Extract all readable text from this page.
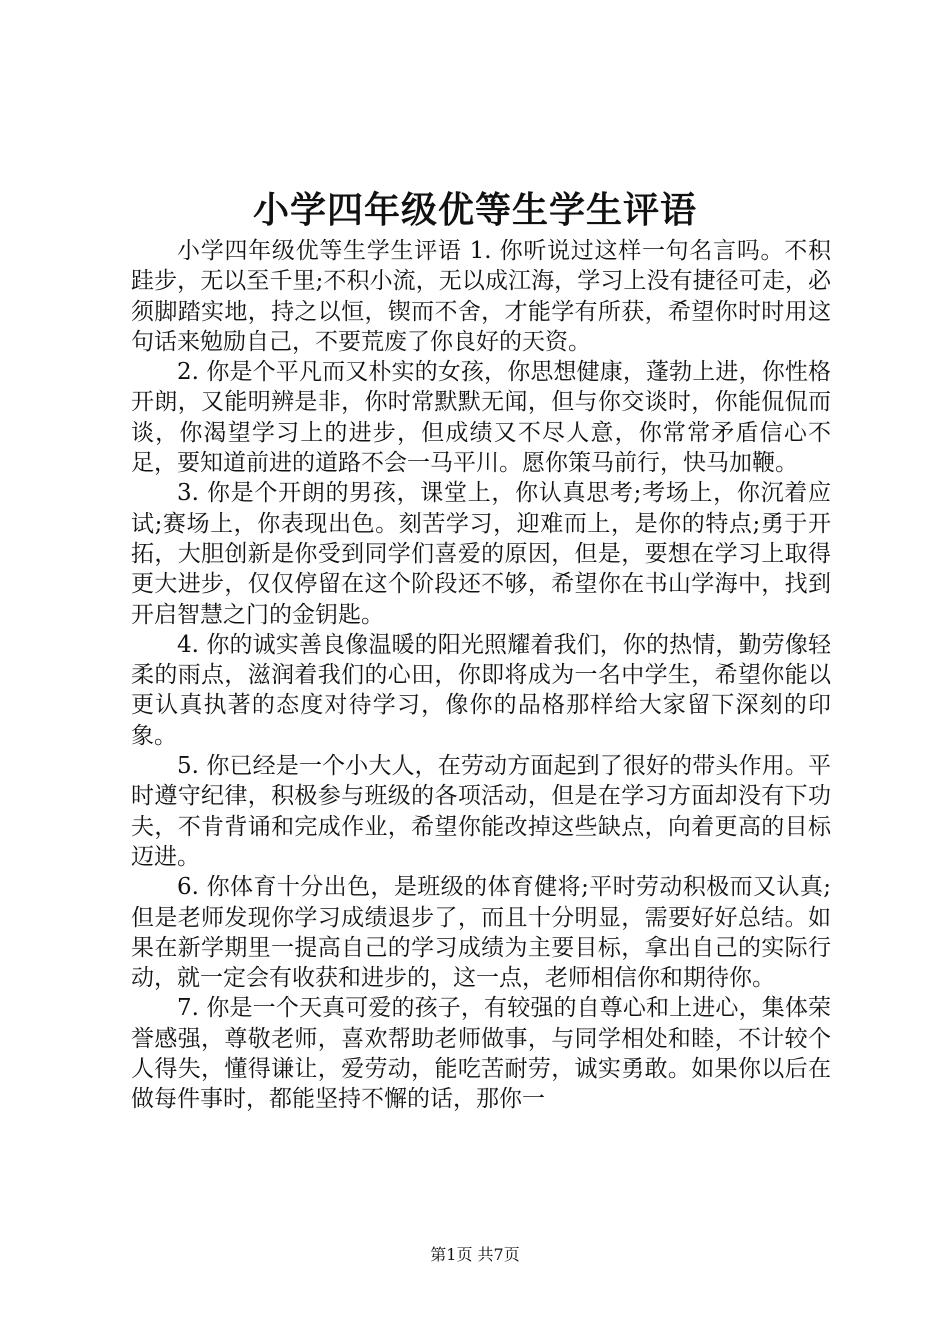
小学四年级优等生学生评语

小学四年级优等生学生评语 1. 你听说过这样一句名言吗。不积跬步，无以至千里;不积小流，无以成江海，学习上没有捷径可走，必须脚踏实地，持之以恒，锲而不舍，才能学有所获，希望你时时用这句话来勉励自己，不要荒废了你良好的天资。

2. 你是个平凡而又朴实的女孩，你思想健康，蓬勃上进，你性格开朗，又能明辨是非，你时常默默无闻，但与你交谈时，你能侃侃而谈，你渴望学习上的进步，但成绩又不尽人意，你常常矛盾信心不足，要知道前进的道路不会一马平川。愿你策马前行，快马加鞭。

3. 你是个开朗的男孩，课堂上，你认真思考;考场上，你沉着应试;赛场上，你表现出色。刻苦学习，迎难而上，是你的特点;勇于开拓，大胆创新是你受到同学们喜爱的原因，但是，要想在学习上取得更大进步，仅仅停留在这个阶段还不够，希望你在书山学海中，找到开启智慧之门的金钥匙。

4. 你的诚实善良像温暖的阳光照耀着我们，你的热情，勤劳像轻柔的雨点，滋润着我们的心田，你即将成为一名中学生，希望你能以更认真执著的态度对待学习，像你的品格那样给大家留下深刻的印象。

5. 你已经是一个小大人，在劳动方面起到了很好的带头作用。平时遵守纪律，积极参与班级的各项活动，但是在学习方面却没有下功夫，不肯背诵和完成作业，希望你能改掉这些缺点，向着更高的目标迈进。

6. 你体育十分出色，是班级的体育健将;平时劳动积极而又认真;但是老师发现你学习成绩退步了，而且十分明显，需要好好总结。如果在新学期里一提高自己的学习成绩为主要目标，拿出自己的实际行动，就一定会有收获和进步的，这一点，老师相信你和期待你。

7. 你是一个天真可爱的孩子，有较强的自尊心和上进心，集体荣誉感强，尊敬老师，喜欢帮助老师做事，与同学相处和睦，不计较个人得失，懂得谦让，爱劳动，能吃苦耐劳，诚实勇敢。如果你以后在做每件事时，都能坚持不懈的话，那你一

第1页 共7页
